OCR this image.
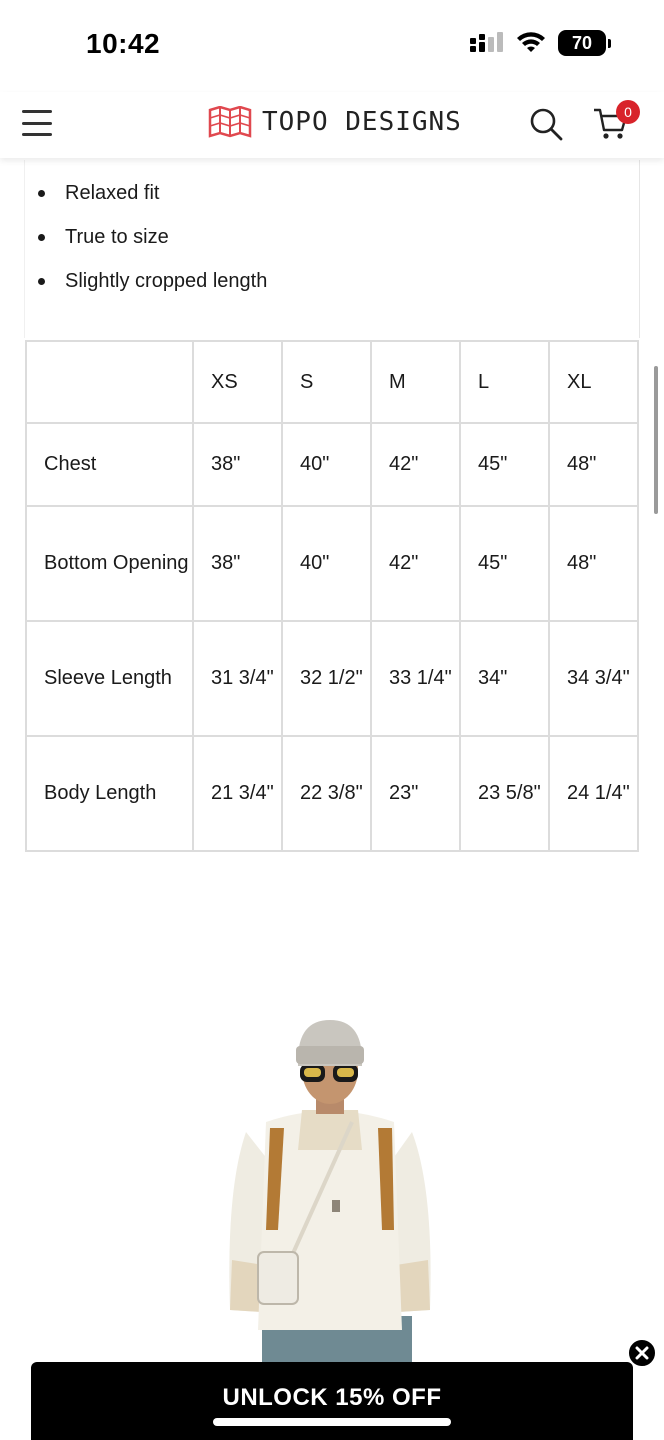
10:42	70
TOPO DESIGNS	0
Relaxed fit
True to size
Slightly cropped length
	XS	S	M	L	XL
Chest	38"	40"	42"	45"	48"
Bottom Opening	38"	40"	42"	45"	48"
Sleeve Length	31 3/4"	32 1/2"	33 1/4"	34"	34 3/4"
Body Length	21 3/4"	22 3/8"	23"	23 5/8"	24 1/4"
UNLOCK 15% OFF
